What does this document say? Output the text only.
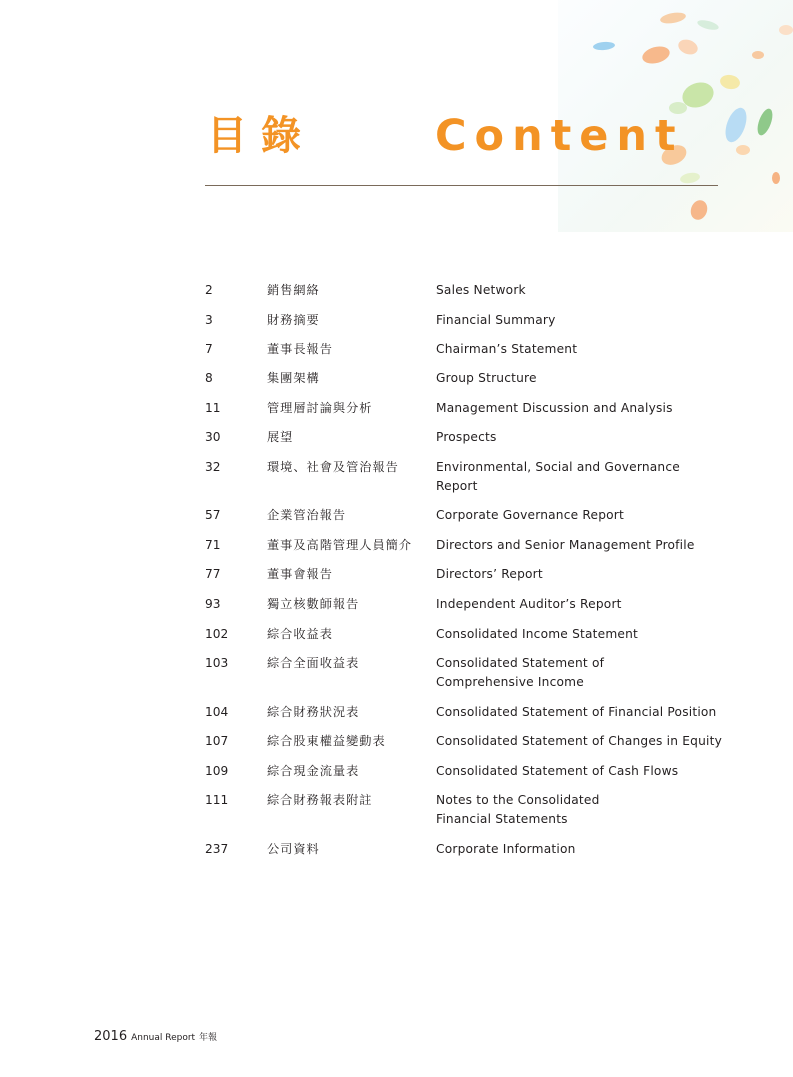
目錄	Content
2	銷售網絡	Sales Network
3	財務摘要	Financial Summary
7	董事長報告	Chairman’s Statement
8	集團架構	Group Structure
11	管理層討論與分析	Management Discussion and Analysis
30	展望	Prospects
32	環境、社會及管治報告	Environmental, Social and Governance Report
57	企業管治報告	Corporate Governance Report
71	董事及高階管理人員簡介	Directors and Senior Management Profile
77	董事會報告	Directors’ Report
93	獨立核數師報告	Independent Auditor’s Report
102	綜合收益表	Consolidated Income Statement
103	綜合全面收益表	Consolidated Statement of
Comprehensive Income
104	綜合財務狀況表	Consolidated Statement of Financial Position
107	綜合股東權益變動表	Consolidated Statement of Changes in Equity
109	綜合現金流量表	Consolidated Statement of Cash Flows
111	綜合財務報表附註	Notes to the Consolidated
Financial Statements
237	公司資料	Corporate Information
2016 Annual Report 年報
